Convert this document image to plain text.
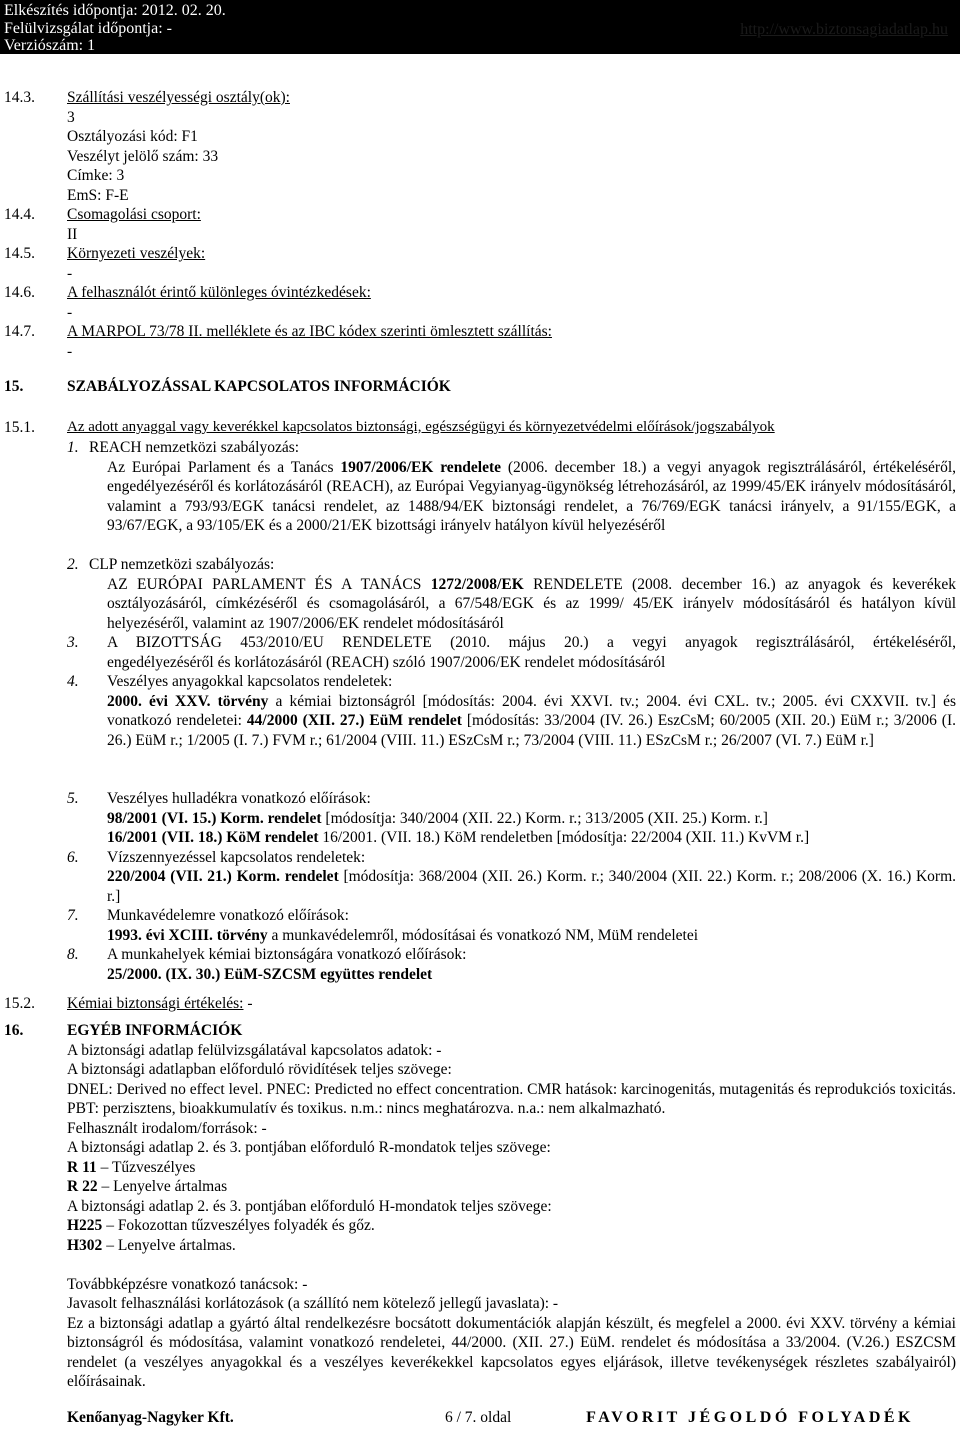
Elkészítés időpontja: 2012. 02. 20.
Felülvizsgálat időpontja: -
Verziószám: 1
http://www.biztonsagiadatlap.hu
14.3. Szállítási veszélyességi osztály(ok):
3
Osztályozási kód: F1
Veszélyt jelölő szám: 33
Címke: 3
EmS: F-E
14.4. Csomagolási csoport:
II
14.5. Környezeti veszélyek:
-
14.6. A felhasználót érintő különleges óvintézkedések:
-
14.7. A MARPOL 73/78 II. melléklete és az IBC kódex szerinti ömlesztett szállítás:
-
15.	SZABÁLYOZÁSSAL KAPCSOLATOS INFORMÁCIÓK
15.1. Az adott anyaggal vagy keverékkel kapcsolatos biztonsági, egészségügyi és környezetvédelmi előírások/jogszabályok
1. REACH nemzetközi szabályozás:
Az Európai Parlament és a Tanács 1907/2006/EK rendelete (2006. december 18.) a vegyi anyagok regisztrálásáról, értékeléséről, engedélyezéséről és korlátozásáról (REACH), az Európai Vegyianyag-ügynökség létrehozásáról, az 1999/45/EK irányelv módosításáról, valamint a 793/93/EGK tanácsi rendelet, az 1488/94/EK biztonsági rendelet, a 76/769/EGK tanácsi irányelv, a 91/155/EGK, a 93/67/EGK, a 93/105/EK és a 2000/21/EK bizottsági irányelv hatályon kívül helyezéséről
2. CLP nemzetközi szabályozás:
AZ EURÓPAI PARLAMENT ÉS A TANÁCS 1272/2008/EK RENDELETE (2008. december 16.) az anyagok és keverékek osztályozásáról, címkézéséről és csomagolásáról, a 67/548/EGK és az 1999/ 45/EK irányelv módosításáról és hatályon kívül helyezéséről, valamint az 1907/2006/EK rendelet módosításáról
3. A BIZOTTSÁG 453/2010/EU RENDELETE (2010. május 20.) a vegyi anyagok regisztrálásáról, értékeléséről,
engedélyezéséről és korlátozásáról (REACH) szóló 1907/2006/EK rendelet módosításáról
4. Veszélyes anyagokkal kapcsolatos rendeletek:
2000. évi XXV. törvény a kémiai biztonságról [módosítás: 2004. évi XXVI. tv.; 2004. évi CXL. tv.; 2005. évi CXXVII. tv.] és vonatkozó rendeletei: 44/2000 (XII. 27.) EüM rendelet [módosítás: 33/2004 (IV. 26.) EszCsM; 60/2005 (XII. 20.) EüM r.; 3/2006 (I. 26.) EüM r.; 1/2005 (I. 7.) FVM r.; 61/2004 (VIII. 11.) ESzCsM r.; 73/2004 (VIII. 11.) ESzCsM r.; 26/2007 (VI. 7.) EüM r.]
5. Veszélyes hulladékra vonatkozó előírások:
98/2001 (VI. 15.) Korm. rendelet [módosítja: 340/2004 (XII. 22.) Korm. r.; 313/2005 (XII. 25.) Korm. r.]
16/2001 (VII. 18.) KöM rendelet 16/2001. (VII. 18.) KöM rendeletben [módosítja: 22/2004 (XII. 11.) KvVM r.]
6. Vízszennyezéssel kapcsolatos rendeletek:
220/2004 (VII. 21.) Korm. rendelet [módosítja: 368/2004 (XII. 26.) Korm. r.; 340/2004 (XII. 22.) Korm. r.; 208/2006 (X. 16.) Korm. r.]
7. Munkavédelemre vonatkozó előírások:
1993. évi XCIII. törvény a munkavédelemről, módosításai és vonatkozó NM, MüM rendeletei
8. A munkahelyek kémiai biztonságára vonatkozó előírások:
25/2000. (IX. 30.) EüM-SZCSM együttes rendelet
15.2. Kémiai biztonsági értékelés: -
16.	EGYÉB INFORMÁCIÓK
A biztonsági adatlap felülvizsgálatával kapcsolatos adatok: -
A biztonsági adatlapban előforduló rövidítések teljes szövege:
DNEL: Derived no effect level. PNEC: Predicted no effect concentration. CMR hatások: karcinogenitás, mutagenitás és reprodukciós toxicitás. PBT: perzisztens, bioakkumulatív és toxikus. n.m.: nincs meghatározva. n.a.: nem alkalmazható.
Felhasznált irodalom/források: -
A biztonsági adatlap 2. és 3. pontjában előforduló R-mondatok teljes szövege:
R 11 – Tűzveszélyes
R 22 – Lenyelve ártalmas
A biztonsági adatlap 2. és 3. pontjában előforduló H-mondatok teljes szövege:
H225 – Fokozottan tűzveszélyes folyadék és gőz.
H302 – Lenyelve ártalmas.
Továbbképzésre vonatkozó tanácsok: -
Javasolt felhasználási korlátozások (a szállító nem kötelező jellegű javaslata): -
Ez a biztonsági adatlap a gyártó által rendelkezésre bocsátott dokumentációk alapján készült, és megfelel a 2000. évi XXV. törvény a kémiai biztonságról és módosítása, valamint vonatkozó rendeletei, 44/2000. (XII. 27.) EüM. rendelet és módosítása a 33/2004. (V.26.) ESZCSM rendelet (a veszélyes anyagokkal és a veszélyes keverékekkel kapcsolatos egyes eljárások, illetve tevékenységek részletes szabályairól) előírásainak.
Kenőanyag-Nagyker Kft.	6 / 7. oldal	FAVORIT JÉGOLDÓ FOLYADÉK
